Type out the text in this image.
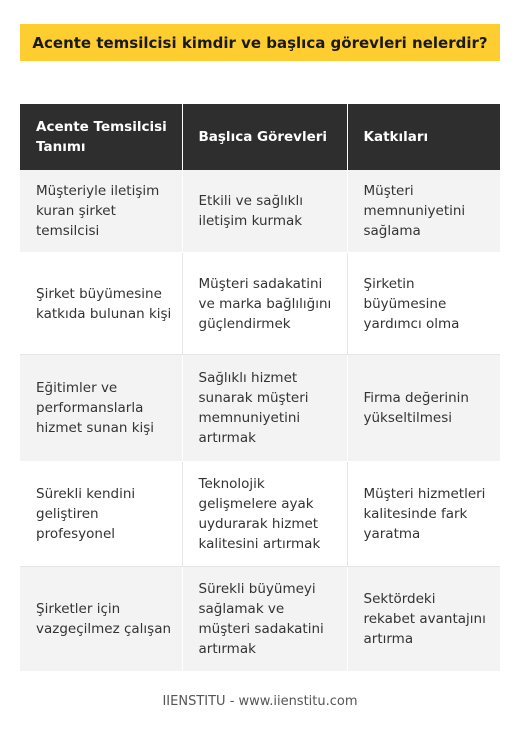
Acente temsilcisi kimdir ve başlıca görevleri nelerdir?
Acente Temsilcisi Tanımı	Başlıca Görevleri	Katkıları
Müşteriyle iletişim kuran şirket temsilcisi	Etkili ve sağlıklı iletişim kurmak	Müşteri memnuniyetini sağlama
Şirket büyümesine katkıda bulunan kişi	Müşteri sadakatini ve marka bağlılığını güçlendirmek	Şirketin büyümesine yardımcı olma
Eğitimler ve performanslarla hizmet sunan kişi	Sağlıklı hizmet sunarak müşteri memnuniyetini artırmak	Firma değerinin yükseltilmesi
Sürekli kendini geliştiren profesyonel	Teknolojik gelişmelere ayak uydurarak hizmet kalitesini artırmak	Müşteri hizmetleri kalitesinde fark yaratma
Şirketler için vazgeçilmez çalışan	Sürekli büyümeyi sağlamak ve müşteri sadakatini artırmak	Sektördeki rekabet avantajını artırma
IIENSTITU - www.iienstitu.com
